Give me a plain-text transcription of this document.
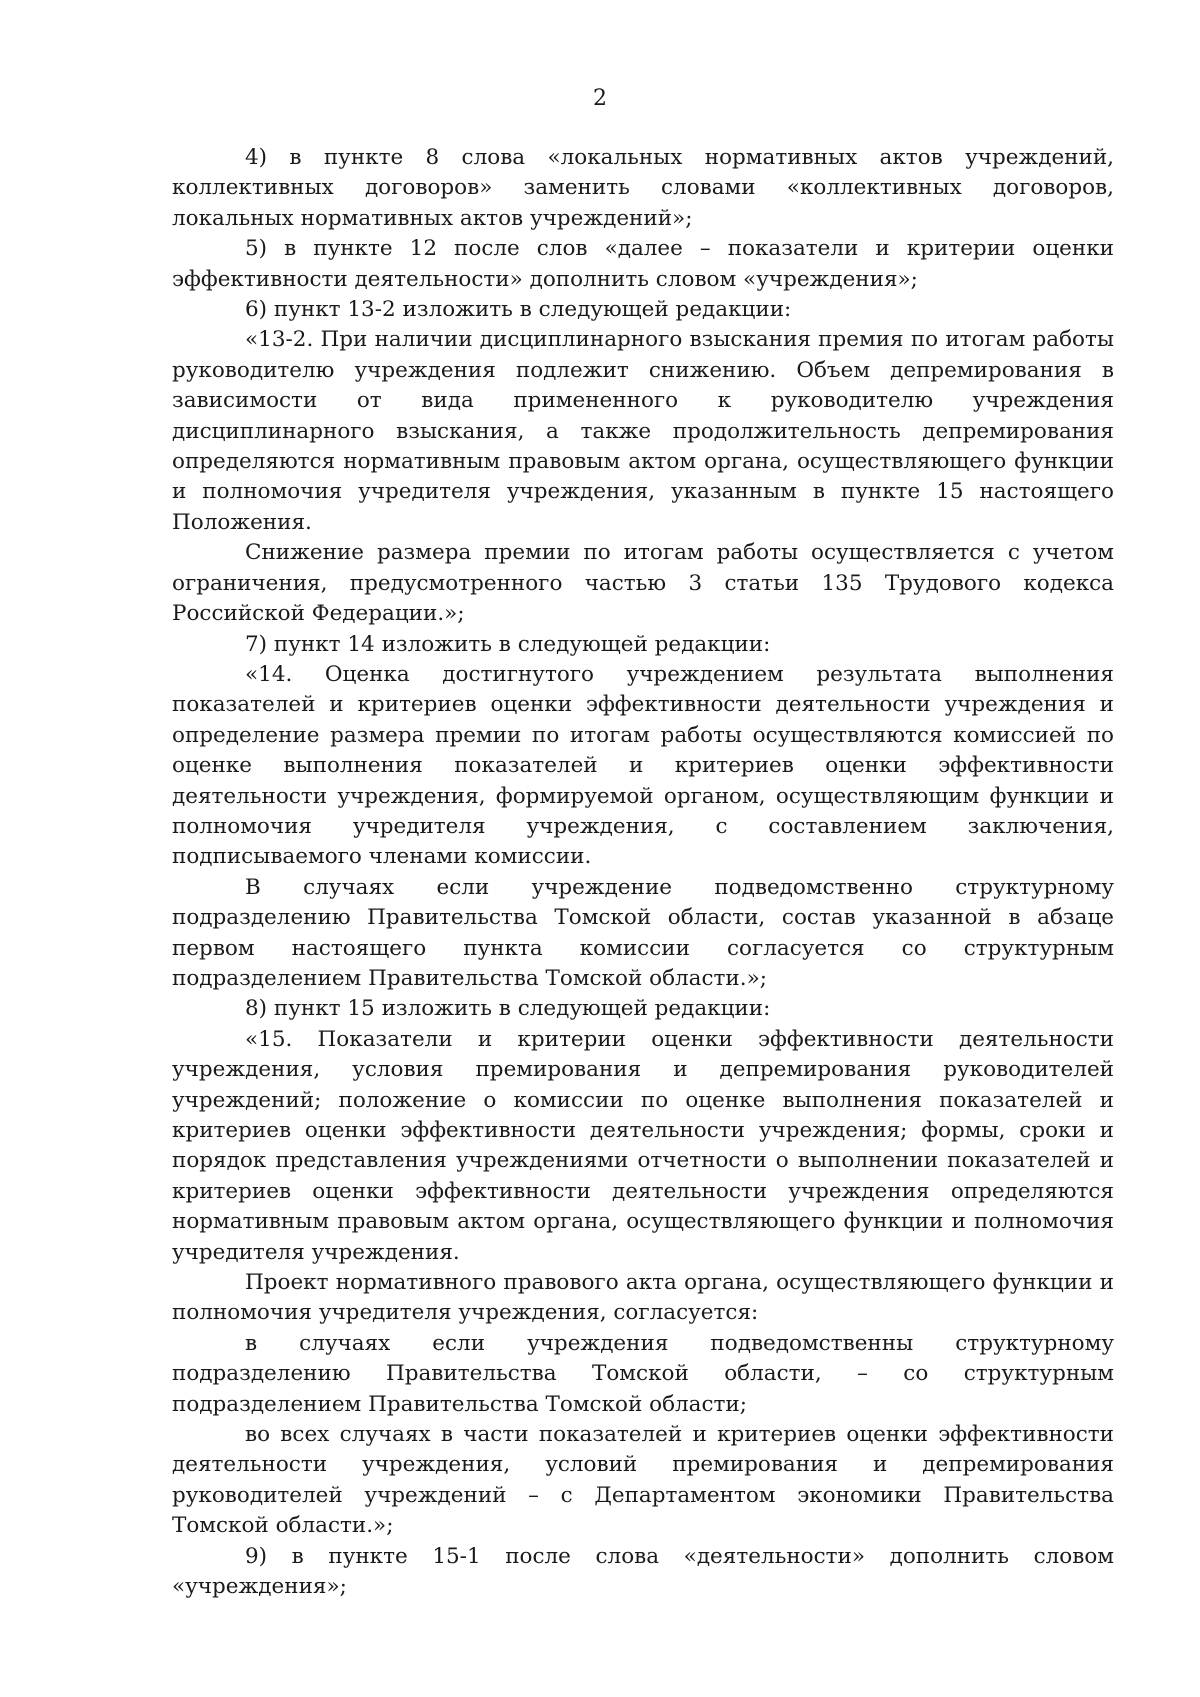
2

4) в пункте 8 слова «локальных нормативных актов учреждений, коллективных договоров» заменить словами «коллективных договоров, локальных нормативных актов учреждений»;

5) в пункте 12 после слов «далее – показатели и критерии оценки эффективности деятельности» дополнить словом «учреждения»;

6) пункт 13-2 изложить в следующей редакции:

«13-2. При наличии дисциплинарного взыскания премия по итогам работы руководителю учреждения подлежит снижению. Объем депремирования в зависимости от вида примененного к руководителю учреждения дисциплинарного взыскания, а также продолжительность депремирования определяются нормативным правовым актом органа, осуществляющего функции и полномочия учредителя учреждения, указанным в пункте 15 настоящего Положения.

Снижение размера премии по итогам работы осуществляется с учетом ограничения, предусмотренного частью 3 статьи 135 Трудового кодекса Российской Федерации.»;

7) пункт 14 изложить в следующей редакции:

«14. Оценка достигнутого учреждением результата выполнения показателей и критериев оценки эффективности деятельности учреждения и определение размера премии по итогам работы осуществляются комиссией по оценке выполнения показателей и критериев оценки эффективности деятельности учреждения, формируемой органом, осуществляющим функции и полномочия учредителя учреждения, с составлением заключения, подписываемого членами комиссии.

В случаях если учреждение подведомственно структурному подразделению Правительства Томской области, состав указанной в абзаце первом настоящего пункта комиссии согласуется со структурным подразделением Правительства Томской области.»;

8) пункт 15 изложить в следующей редакции:

«15. Показатели и критерии оценки эффективности деятельности учреждения, условия премирования и депремирования руководителей учреждений; положение о комиссии по оценке выполнения показателей и критериев оценки эффективности деятельности учреждения; формы, сроки и порядок представления учреждениями отчетности о выполнении показателей и критериев оценки эффективности деятельности учреждения определяются нормативным правовым актом органа, осуществляющего функции и полномочия учредителя учреждения.

Проект нормативного правового акта органа, осуществляющего функции и полномочия учредителя учреждения, согласуется:

в случаях если учреждения подведомственны структурному подразделению Правительства Томской области, – со структурным подразделением Правительства Томской области;

во всех случаях в части показателей и критериев оценки эффективности деятельности учреждения, условий премирования и депремирования руководителей учреждений – с Департаментом экономики Правительства Томской области.»;

9) в пункте 15-1 после слова «деятельности» дополнить словом «учреждения»;
